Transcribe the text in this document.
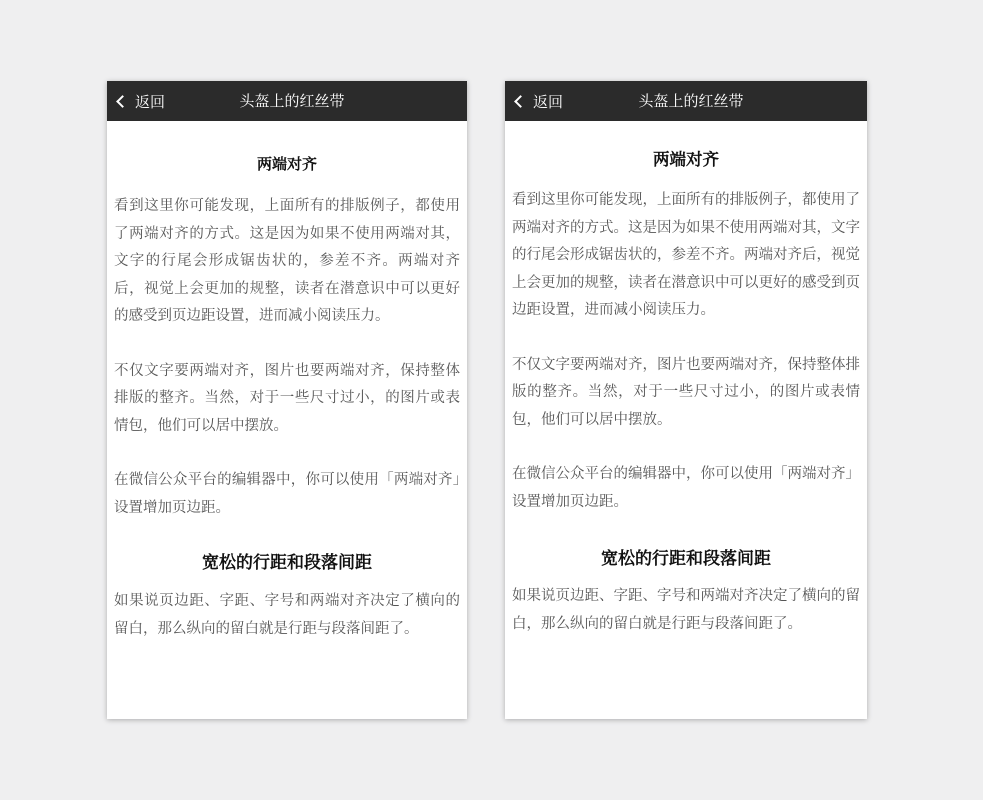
返回	头盔上的红丝带
两端对齐

看到这里你可能发现，上面所有的排版例子，都使用了两端对齐的方式。这是因为如果不使用两端对其，文字的行尾会形成锯齿状的，参差不齐。两端对齐后，视觉上会更加的规整，读者在潜意识中可以更好的感受到页边距设置，进而减小阅读压力。

不仅文字要两端对齐，图片也要两端对齐，保持整体排版的整齐。当然，对于一些尺寸过小，的图片或表情包，他们可以居中摆放。

在微信公众平台的编辑器中，你可以使用「两端对齐」设置增加页边距。

宽松的行距和段落间距

如果说页边距、字距、字号和两端对齐决定了横向的留白，那么纵向的留白就是行距与段落间距了。

返回	头盔上的红丝带
两端对齐

看到这里你可能发现，上面所有的排版例子，都使用了两端对齐的方式。这是因为如果不使用两端对其，文字的行尾会形成锯齿状的，参差不齐。两端对齐后，视觉上会更加的规整，读者在潜意识中可以更好的感受到页边距设置，进而减小阅读压力。

不仅文字要两端对齐，图片也要两端对齐，保持整体排版的整齐。当然，对于一些尺寸过小，的图片或表情包，他们可以居中摆放。

在微信公众平台的编辑器中，你可以使用「两端对齐」设置增加页边距。

宽松的行距和段落间距

如果说页边距、字距、字号和两端对齐决定了横向的留白，那么纵向的留白就是行距与段落间距了。
